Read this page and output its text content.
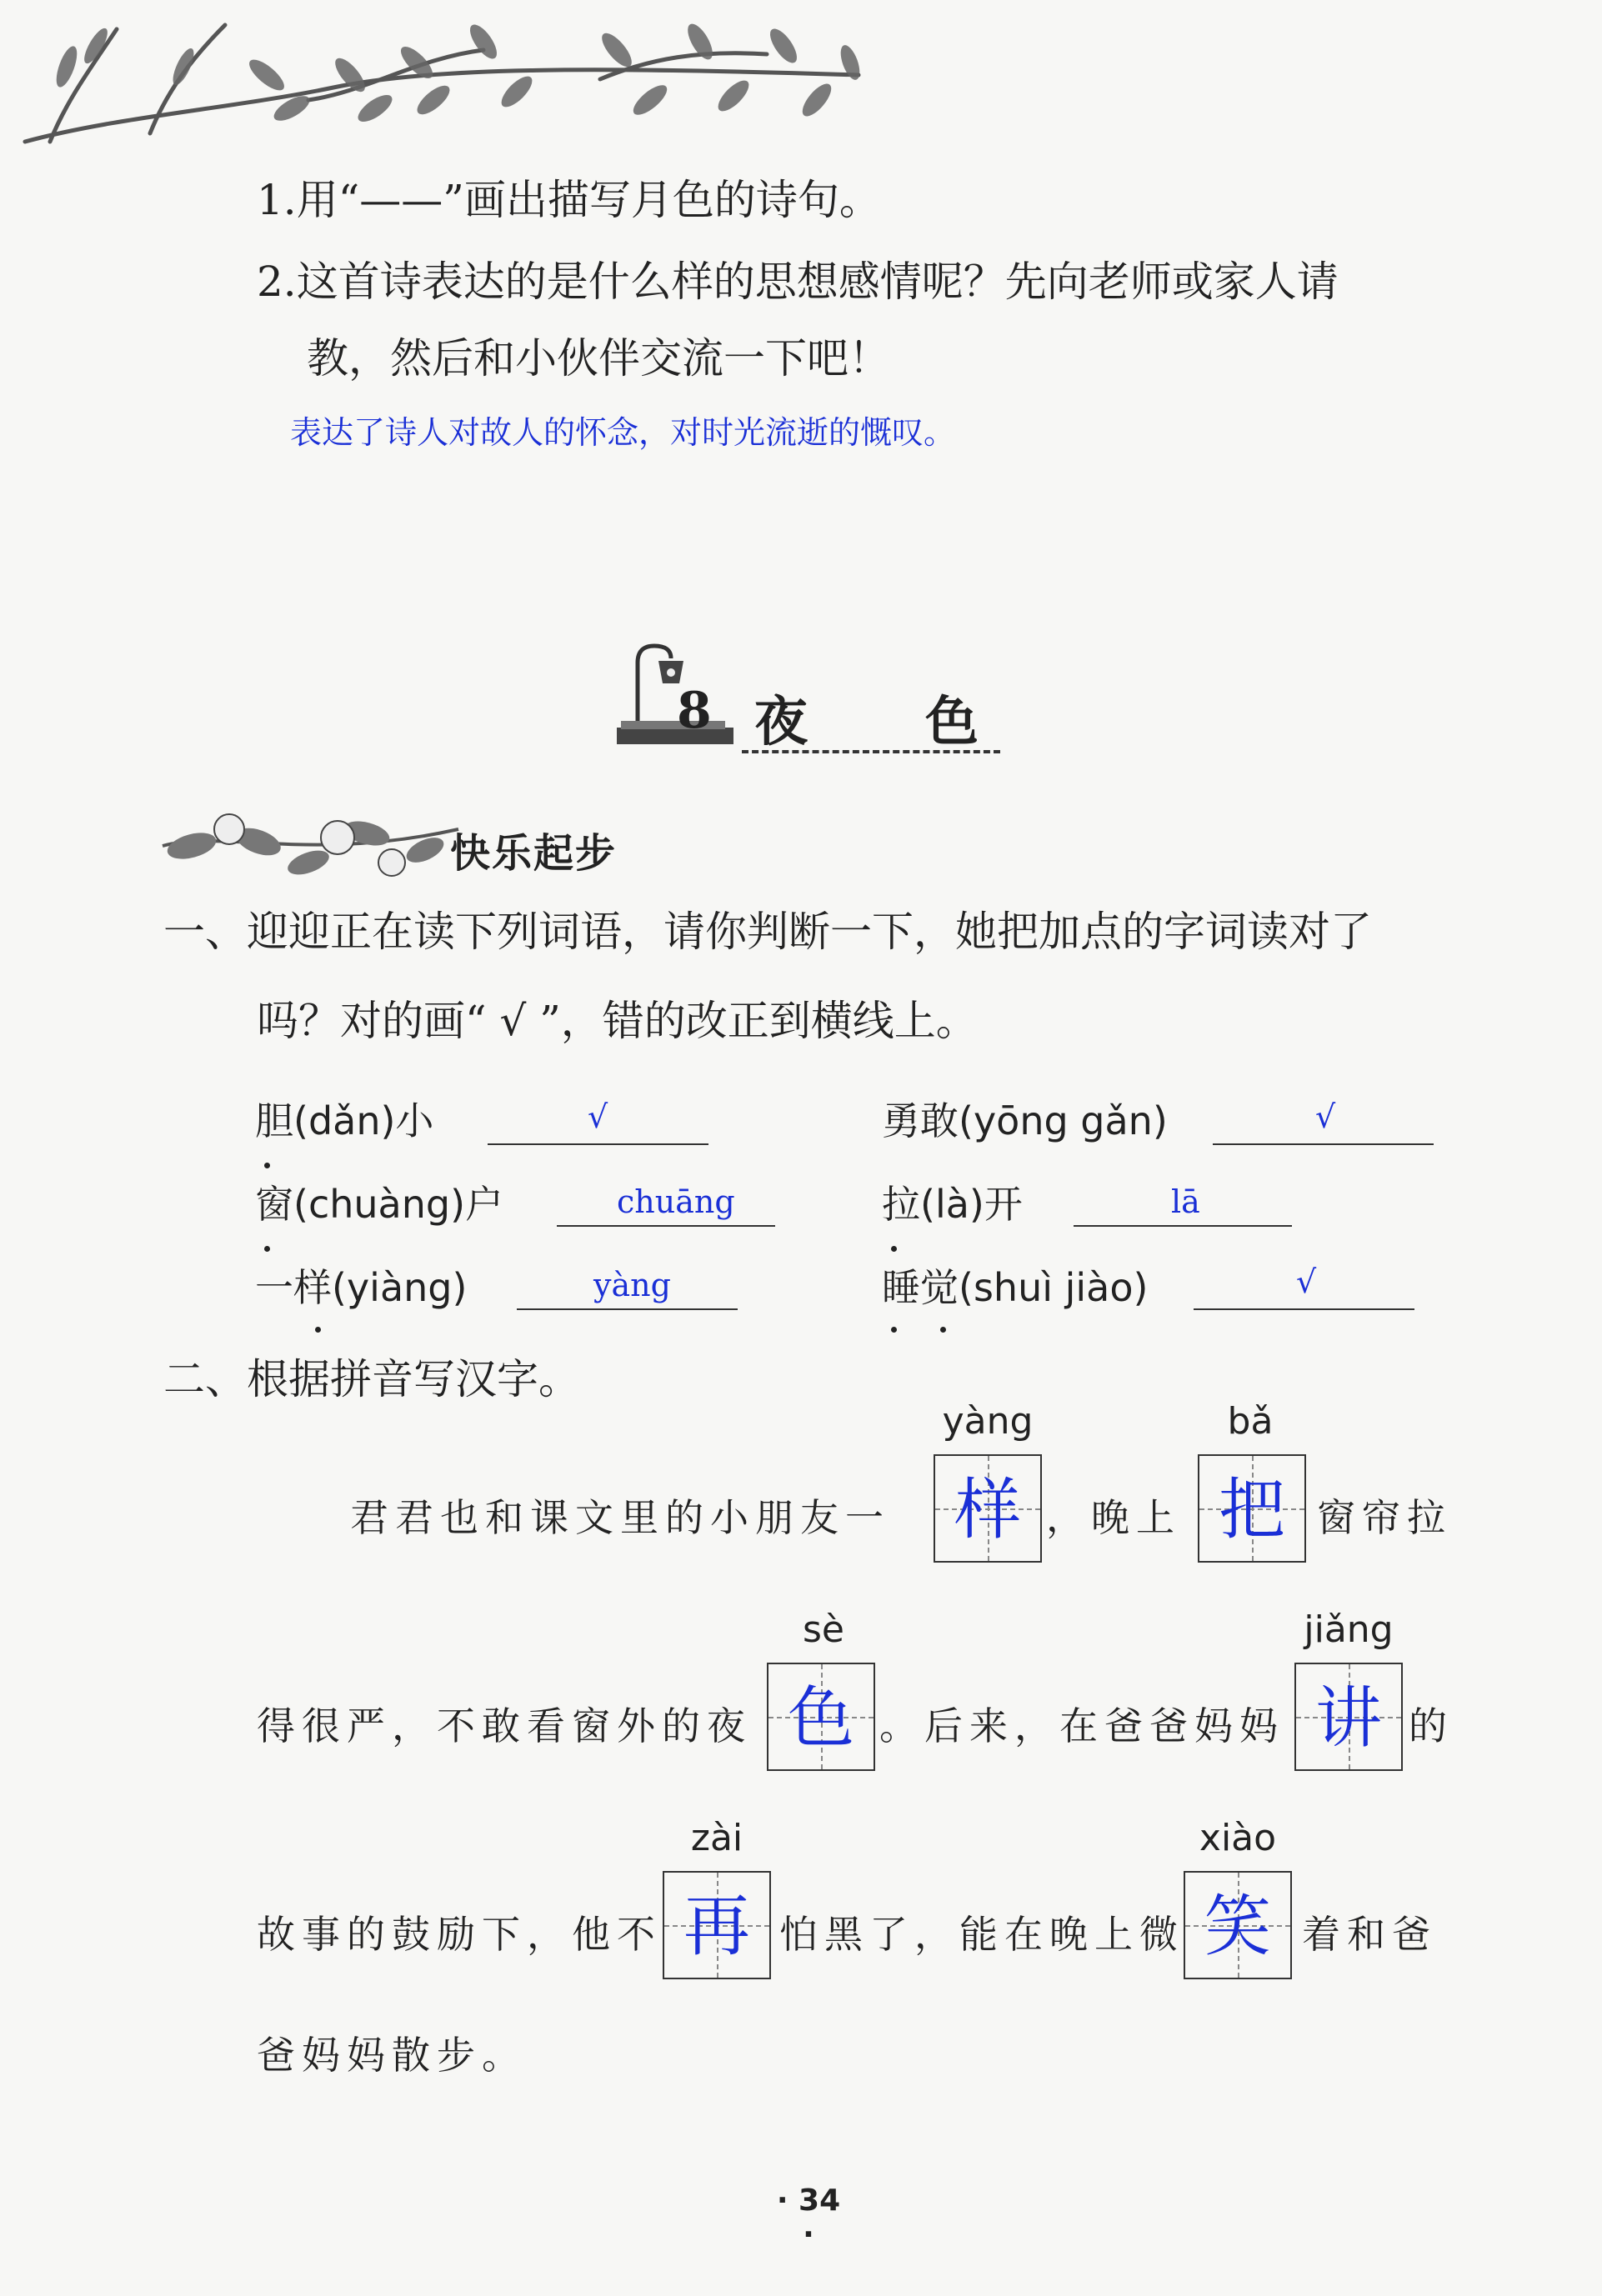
1.用“——”画出描写月色的诗句。
2.这首诗表达的是什么样的思想感情呢？先向老师或家人请
教，然后和小伙伴交流一下吧！
表达了诗人对故人的怀念，对时光流逝的慨叹。
8 夜 色
快乐起步
一、迎迎正在读下列词语，请你判断一下，她把加点的字词读对了
吗？对的画“ √ ”，错的改正到横线上。
胆(dǎn)小	√	勇敢(yōng gǎn)	√
窗(chuàng)户	chuāng	拉(là)开	lā
一样(yiàng)	yàng	睡觉(shuì jiào)	√
二、根据拼音写汉字。
君君也和课文里的小朋友一
yàng
样 ，晚上
bǎ
把 窗帘拉
得很严，不敢看窗外的夜
sè
色 。后来，在爸爸妈妈
jiǎng
讲 的
故事的鼓励下，他不
zài
再 怕黑了，能在晚上微
xiào
笑 着和爸
爸妈妈散步。
· 34 ·
